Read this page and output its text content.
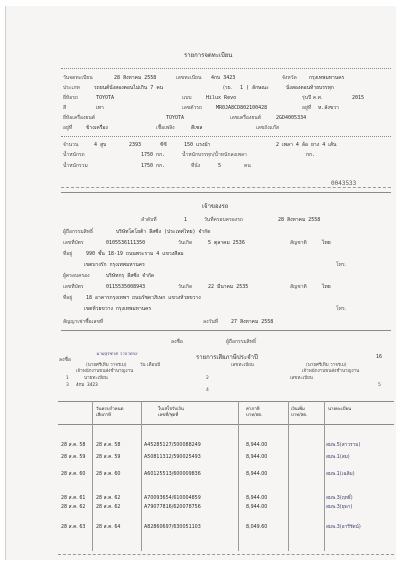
รายการจดทะเบียน
วันจดทะเบียน	28 สิงหาคม 2558	เลขทะเบียน 4กบ 3423	จังหวัด กรุงเทพมหานคร
ประเภท	รถยนต์นั่งสองตอนไม่เกิน 7 คน	(รย. 1 ) ลักษณะ	นั่งสองตอนท้ายบรรทุก
ยี่ห้อรถ	TOYOTA	แบบ	Hilux Revo	รุ่นปี ค.ศ.	2015
สี	เทา	เลขตัวรถ	MR0JA8CD802100428	อยู่ที่ ห.ลังขวา
ยี่ห้อเครื่องยนต์	TOYOTA	เลขเครื่องยนต์	2GD4005334
อยู่ที่	ข้างเครื่อง	เชื้อเพลิง	ดีเซล	เลขถังแก๊ส
จำนวน	4 สูบ	2393	ซีซี	150 แรงม้า	2 เพลา 4 ล้อ ยาง 4 เส้น
น้ำหนักรถ	1750 กก.	น้ำหนักบรรทุก/น้ำหนักลงเพลา	กก.
น้ำหนักรวม	1750 กก.	ที่นั่ง	5	คน
0043533
เจ้าของรถ
ลำดับที่	1	วันที่ครอบครองรถ	28 สิงหาคม 2558
ผู้ถือกรรมสิทธิ์	บริษัทโตโยต้า ลีสซิ่ง (ประเทศไทย) จำกัด
เลขที่บัตร	0105536111350	วันเกิด	5 ตุลาคม 2536	สัญชาติ	ไทย
ที่อยู่	990 ชั้น 18-19 ถนนพระราม 4 แขวงสีลม
เขตบางรัก กรุงเทพมหานคร	โทร.
ผู้ครอบครอง	บริษัทกรุ ลีสซิ่ง จำกัด
เลขที่บัตร	0115535008943	วันเกิด	22 มีนาคม 2535	สัญชาติ	ไทย
ที่อยู่	18 อาคารกรุงเทพฯ ถนนรัชดาภิเษก แขวงห้วยขวาง
เขตห้วยขวาง กรุงเทพมหานคร	โทร.
สัญญาเช่าซื้อเลขที่	ลงวันที่	27 สิงหาคม 2558
ลงชื่อ	ผู้ถือกรรมสิทธิ์
ลงชื่อ
นายสุรชาต วาจาตรง	รายการเสียภาษีประจำปี	16
(นายศรีเทิม วาจรเม)	วัน เดือนปี	เลขทะเบียน	(นายศรีเทิม วาจรเม)
เจ้าพนักงานขนส่งชำนาญงาน	เจ้าพนักงานขนส่งชำนาญงาน
นายทะเบียน
1	2	เลขทะเบียน
3 4กบ 3423
4
5
วันครบกำหนด
เสียภาษี
ใบเสร็จรับเงิน
เลขที่/ชุดที่
ค่าภาษี
บาท/สต.
เงินเพิ่ม
บาท/สต.
นายทะเบียน
28 ส.ค. 58 28 ส.ค. 58	A45285127/500088249	8,944.00	สมพ.5(สาวราม)
28 ส.ค. 59 28 ส.ค. 59	A50811312/590025493	8,944.00	สมพ.1(สม)
28 ส.ค. 60 28 ส.ค. 60	A60125513/600009836	8,944.00	สมพ.1(เฉลิม)
28 ส.ค. 61 28 ส.ค. 62	A70093654/610004859	8,944.00	สมพ.3(ฤทธิ์)
28 ส.ค. 62 28 ส.ค. 62	A79077816/620078756	8,944.00	สมพ.3(ยุพา)
28 ส.ค. 63 28 ส.ค. 64	A82860697/630051103	8,049.60	สมพ.3(อารีรัตน์)
